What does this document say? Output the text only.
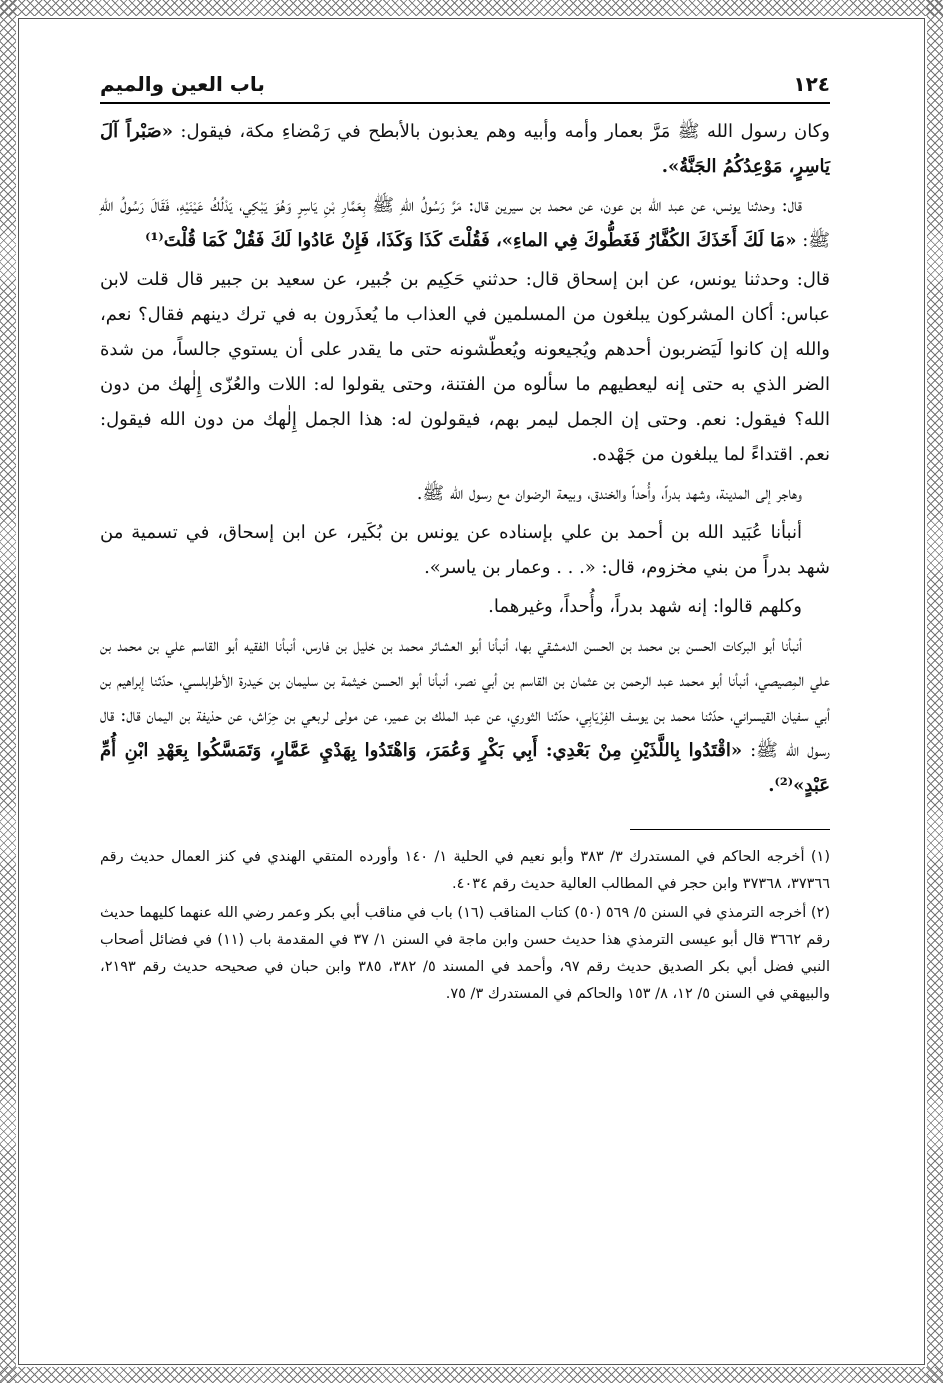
١٢٤
باب العين والميم

وكان رسول الله ﷺ مَرَّ بعمار وأمه وأبيه وهم يعذبون بالأبطح في رَمْضاءِ مكة، فيقول: «صَبْراً آلَ يَاسِرٍ، مَوْعِدُكُمُ الجَنَّةُ».

قال: وحدثنا يونس، عن عبد الله بن عون، عن محمد بن سيرين قال: مَرَّ رَسُولُ اللهِ ﷺ بِعَمَّارِ بْنِ يَاسِرٍ وَهُوَ يَبْكِي، يَدْلُكُ عَيْنَيْهِ، فَقَالَ رَسُولُ اللهِ ﷺ: «مَا لَكَ أَخَذَكَ الكُفَّارُ فَغَطُّوكَ فِي الماءِ»، فَقُلْتَ كَذَا وَكَذَا، فَإِنْ عَادُوا لَكَ فَقُلْ كَمَا قُلْتَ⁽¹⁾

قال: وحدثنا يونس، عن ابن إسحاق قال: حدثني حَكِيم بن جُبير، عن سعيد بن جبير قال قلت لابن عباس: أكان المشركون يبلغون من المسلمين في العذاب ما يُعذَرون به في ترك دينهم فقال؟ نعم، والله إن كانوا لَيَضربون أحدهم ويُجيعونه ويُعطّشونه حتى ما يقدر على أن يستوي جالساً، من شدة الضر الذي به حتى إنه ليعطيهم ما سألوه من الفتنة، وحتى يقولوا له: اللات والعُزّى إِلٰهك من دون الله؟ فيقول: نعم. وحتى إن الجمل ليمر بهم، فيقولون له: هذا الجمل إِلٰهك من دون الله فيقول: نعم. اقتداءً لما يبلغون من جَهْده.

وهاجر إلى المدينة، وشهد بدراً، وأُحداً والخندق، وبيعة الرضوان مع رسول الله ﷺ.

أنبأنا عُبَيد الله بن أحمد بن علي بإسناده عن يونس بن بُكَير، عن ابن إسحاق، في تسمية من شهد بدراً من بني مخزوم، قال: «. . . وعمار بن ياسر».

وكلهم قالوا: إنه شهد بدراً، وأُحداً، وغيرهما.

أنبأنا أبو البركات الحسن بن محمد بن الحسن الدمشقي بها، أنبأنا أبو العشائر محمد بن خليل بن فارس، أنبأنا الفقيه أبو القاسم علي بن محمد بن علي المِصيصي، أنبأنا أبو محمد عبد الرحمن بن عثمان بن القاسم بن أبي نصر، أنبأنا أبو الحسن خيثمة بن سليمان بن حَيدرة الأطرابلسي، حدّثنا إبراهيم بن أبي سفيان القيسراني، حدّثنا محمد بن يوسف الفِرْيَابِي، حدّثنا الثوري، عن عبد الملك بن عمير، عن مولى لربعي بن حِرَاش، عن حذيفة بن اليمان قال: قال رسول الله ﷺ: «اقْتَدُوا بِاللَّذَيْنِ مِنْ بَعْدِي: أَبِي بَكْرٍ وَعُمَرَ، وَاهْتَدُوا بِهَدْيِ عَمَّارٍ، وَتَمَسَّكُوا بِعَهْدِ ابْنِ أُمِّ عَبْدٍ»⁽²⁾.

(١) أخرجه الحاكم في المستدرك ٣/ ٣٨٣ وأبو نعيم في الحلية ١/ ١٤٠ وأورده المتقي الهندي في كنز العمال حديث رقم ٣٧٣٦٦، ٣٧٣٦٨ وابن حجر في المطالب العالية حديث رقم ٤٠٣٤.

(٢) أخرجه الترمذي في السنن ٥/ ٥٦٩ (٥٠) كتاب المناقب (١٦) باب في مناقب أبي بكر وعمر رضي الله عنهما كليهما حديث رقم ٣٦٦٢ قال أبو عيسى الترمذي هذا حديث حسن وابن ماجة في السنن ١/ ٣٧ في المقدمة باب (١١) في فضائل أصحاب النبي فضل أبي بكر الصديق حديث رقم ٩٧، وأحمد في المسند ٥/ ٣٨٢، ٣٨٥ وابن حبان في صحيحه حديث رقم ٢١٩٣، والبيهقي في السنن ٥/ ١٢، ٨/ ١٥٣ والحاكم في المستدرك ٣/ ٧٥.
